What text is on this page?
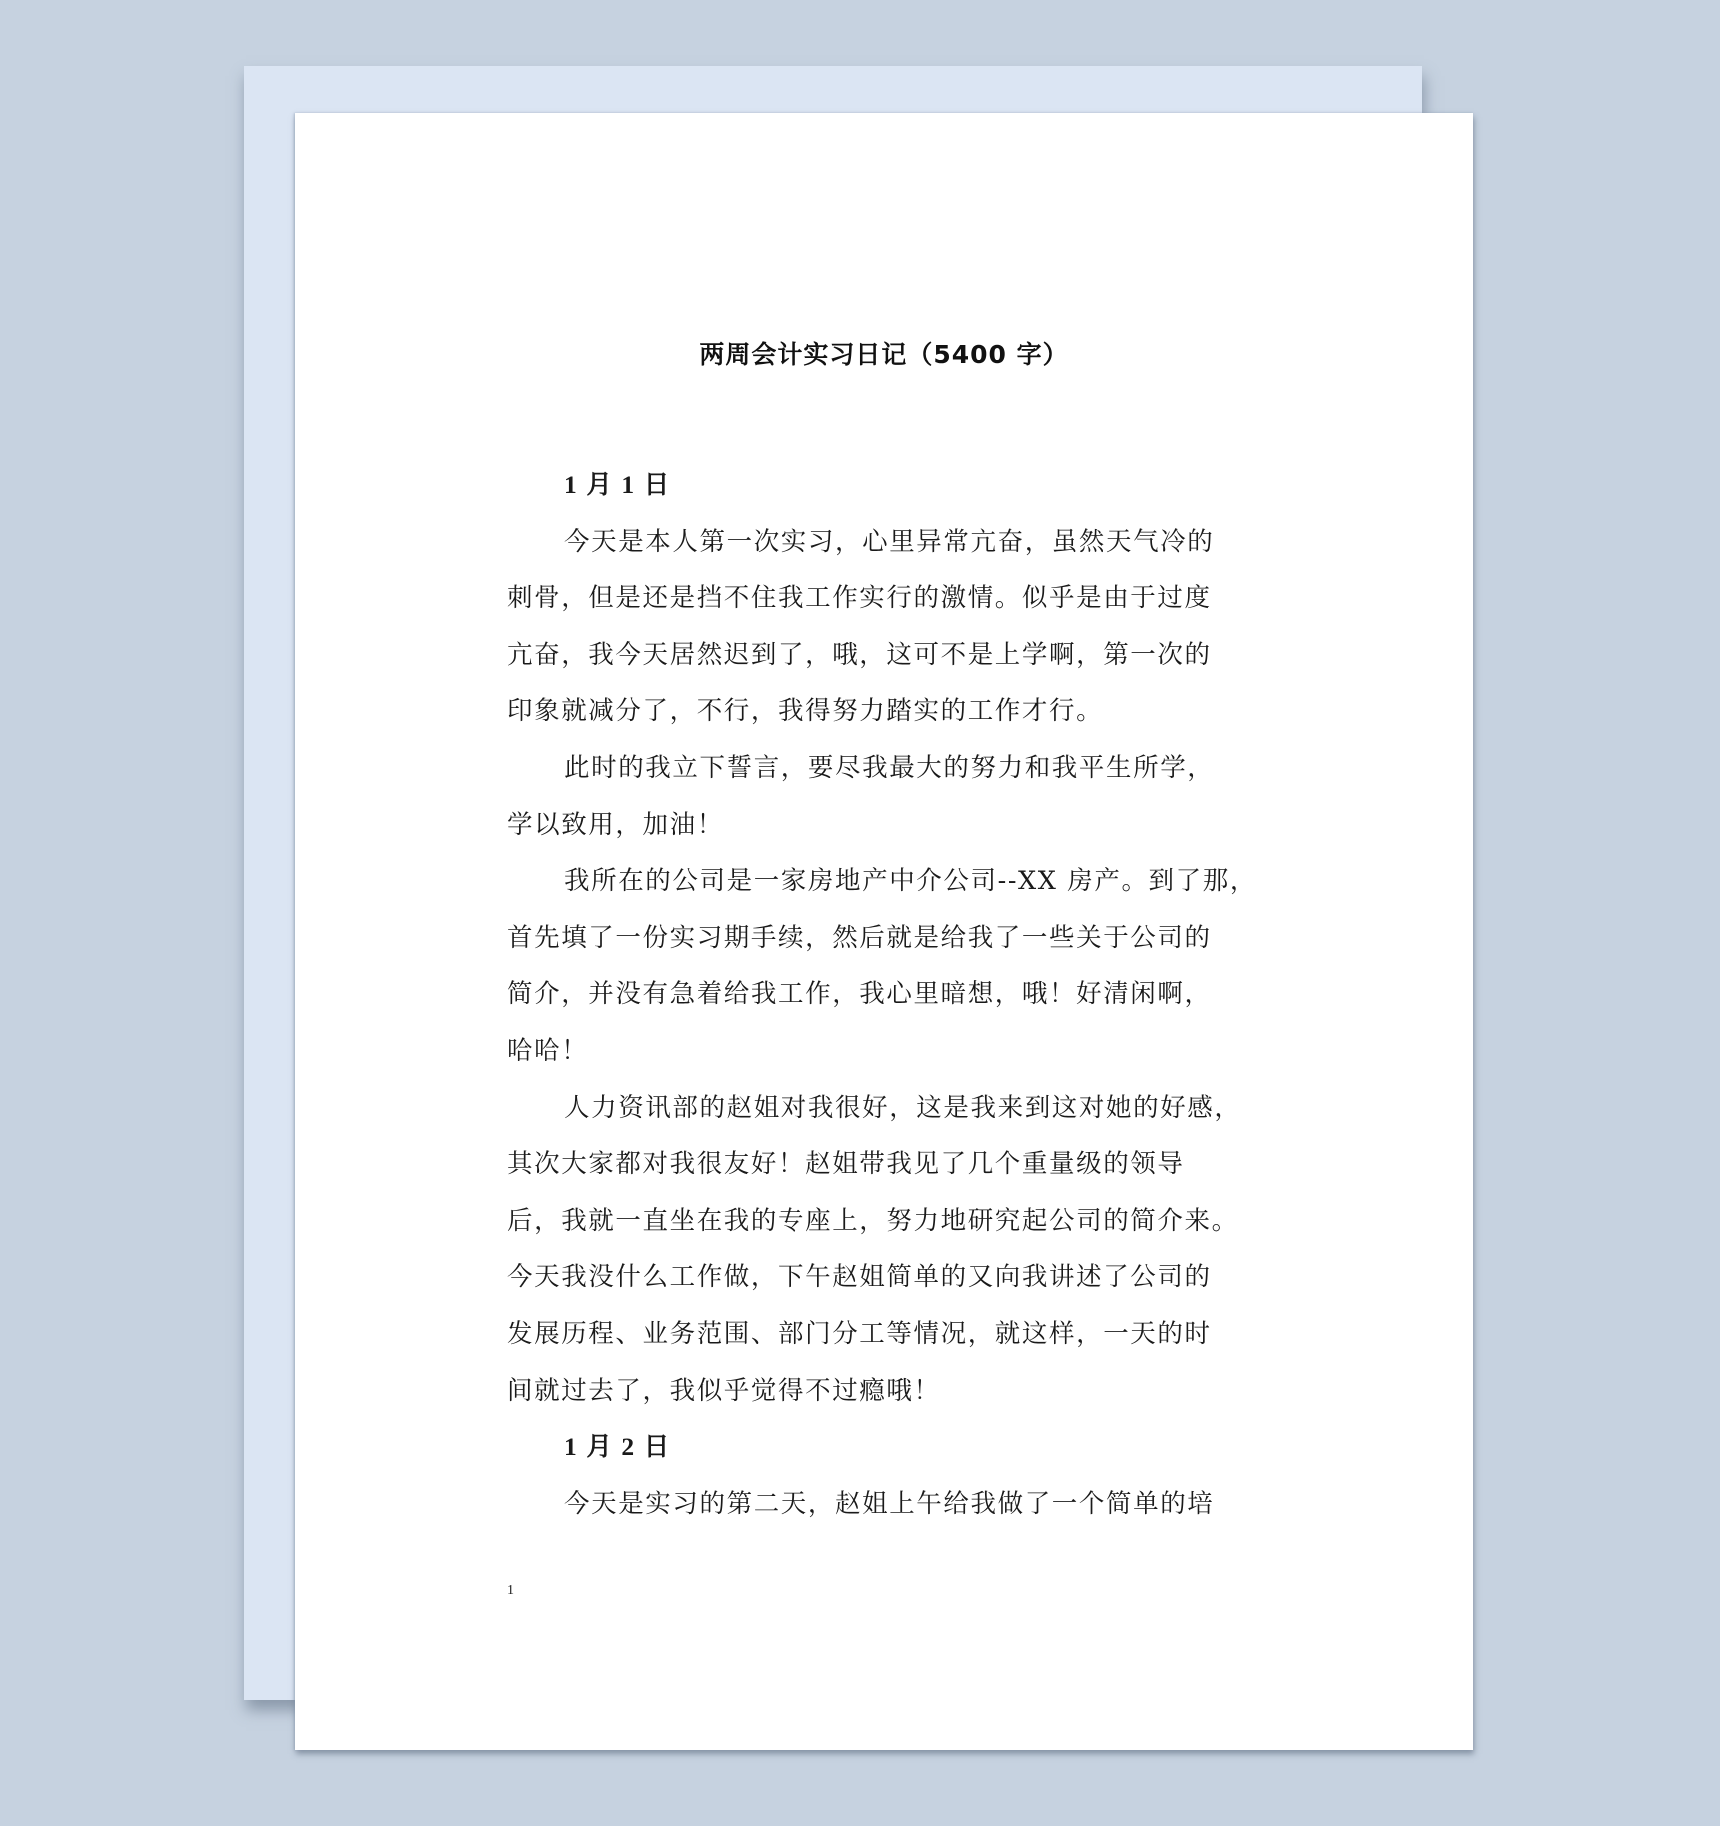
两周会计实习日记（5400 字）
1 月 1 日
今天是本人第一次实习，心里异常亢奋，虽然天气冷的
刺骨，但是还是挡不住我工作实行的激情。似乎是由于过度
亢奋，我今天居然迟到了，哦，这可不是上学啊，第一次的
印象就减分了，不行，我得努力踏实的工作才行。
此时的我立下誓言，要尽我最大的努力和我平生所学，
学以致用，加油！
我所在的公司是一家房地产中介公司--XX 房产。到了那，
首先填了一份实习期手续，然后就是给我了一些关于公司的
简介，并没有急着给我工作，我心里暗想，哦！好清闲啊，
哈哈！
人力资讯部的赵姐对我很好，这是我来到这对她的好感，
其次大家都对我很友好！赵姐带我见了几个重量级的领导
后，我就一直坐在我的专座上，努力地研究起公司的简介来。
今天我没什么工作做，下午赵姐简单的又向我讲述了公司的
发展历程、业务范围、部门分工等情况，就这样，一天的时
间就过去了，我似乎觉得不过瘾哦！
1 月 2 日
今天是实习的第二天，赵姐上午给我做了一个简单的培
1
